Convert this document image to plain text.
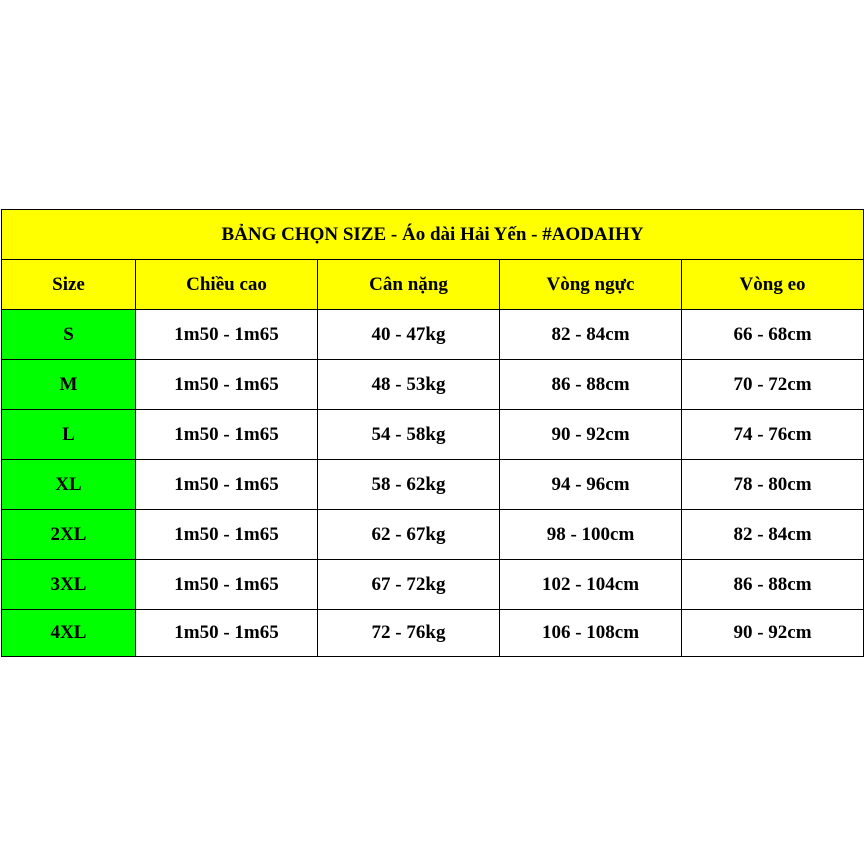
BẢNG CHỌN SIZE - Áo dài Hải Yến - #AODAIHY				
Size	Chiều cao	Cân nặng	Vòng ngực	Vòng eo
S	1m50 - 1m65	40 - 47kg	82 - 84cm	66 - 68cm
M	1m50 - 1m65	48 - 53kg	86 - 88cm	70 - 72cm
L	1m50 - 1m65	54 - 58kg	90 - 92cm	74 - 76cm
XL	1m50 - 1m65	58 - 62kg	94 - 96cm	78 - 80cm
2XL	1m50 - 1m65	62 - 67kg	98 - 100cm	82 - 84cm
3XL	1m50 - 1m65	67 - 72kg	102 - 104cm	86 - 88cm
4XL	1m50 - 1m65	72 - 76kg	106 - 108cm	90 - 92cm
